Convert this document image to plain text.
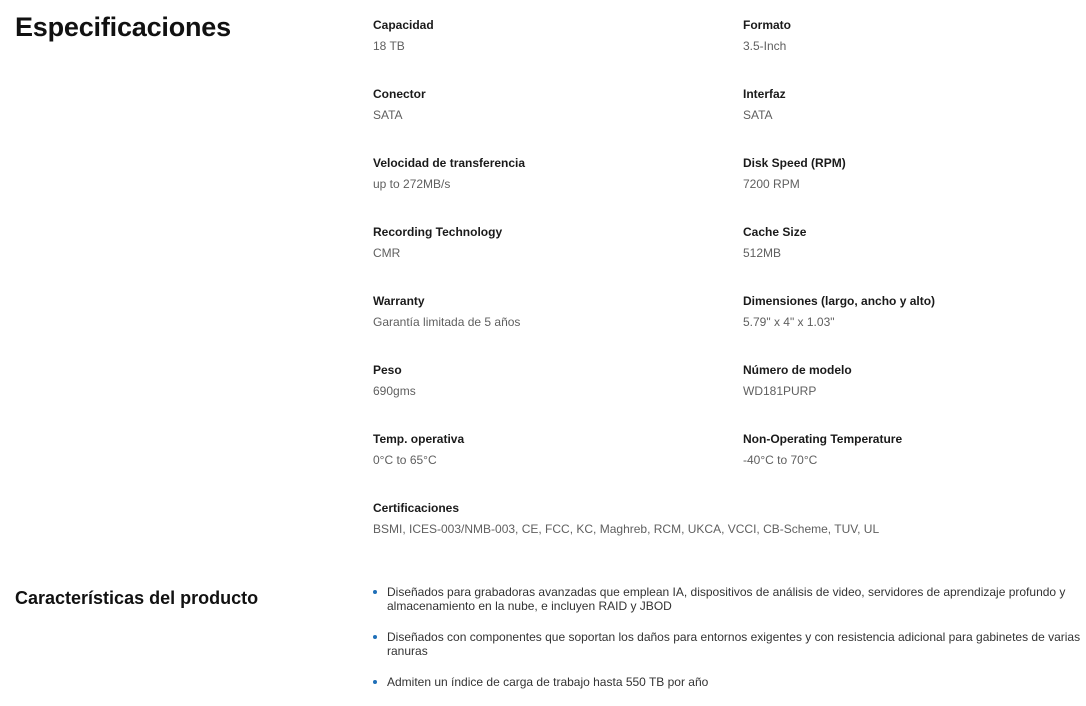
Especificaciones	Capacidad
18 TB
Formato
3.5-Inch
Conector
SATA
Interfaz
SATA
Velocidad de transferencia
up to 272MB/s
Disk Speed (RPM)
7200 RPM
Recording Technology
CMR
Cache Size
512MB
Warranty
Garantía limitada de 5 años
Dimensiones (largo, ancho y alto)
5.79" x 4" x 1.03"
Peso
690gms
Número de modelo
WD181PURP
Temp. operativa
0°C to 65°C
Non-Operating Temperature
-40°C to 70°C
Certificaciones
BSMI, ICES-003/NMB-003, CE, FCC, KC, Maghreb, RCM, UKCA, VCCI, CB-Scheme, TUV, UL
Características del producto	Diseñados para grabadoras avanzadas que emplean IA, dispositivos de análisis de video, servidores de aprendizaje profundo y almacenamiento en la nube, e incluyen RAID y JBOD
Diseñados con componentes que soportan los daños para entornos exigentes y con resistencia adicional para gabinetes de varias ranuras
Admiten un índice de carga de trabajo hasta 550 TB por año
